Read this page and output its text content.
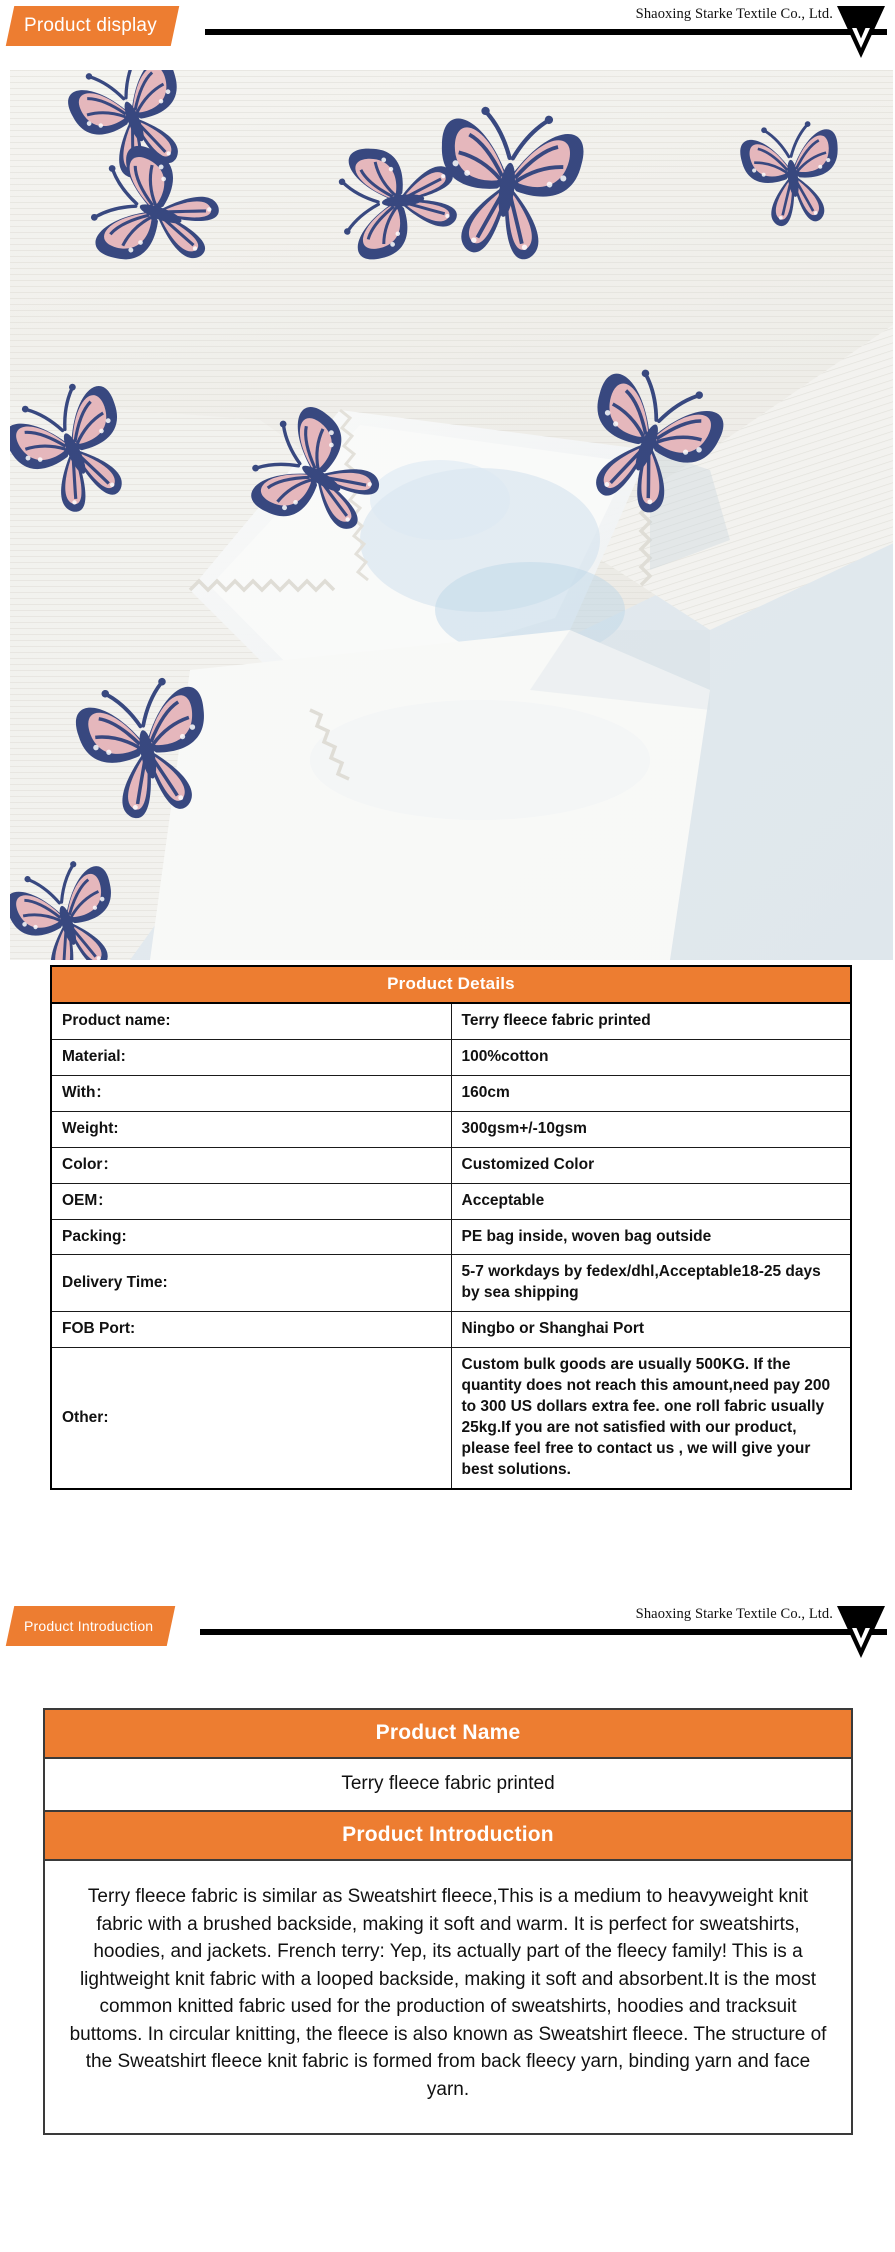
Product display
Shaoxing Starke Textile Co., Ltd.
Product Details	
Product name:	Terry fleece fabric printed
Material:	100%cotton
With：	160cm
Weight:	300gsm+/-10gsm
Color：	Customized Color
OEM：	Acceptable
Packing:	PE bag inside, woven bag outside
Delivery Time:	5-7 workdays by fedex/dhl,Acceptable18-25 days by sea shipping
FOB Port:	Ningbo or Shanghai Port
Other:	Custom bulk goods are usually 500KG. If the quantity does not reach this amount,need pay 200 to 300 US dollars extra fee. one roll fabric usually 25kg.If you are not satisfied with our product, please feel free to contact us , we will give your best solutions.
Product Introduction
Shaoxing Starke Textile Co., Ltd.
Product Name
Terry fleece fabric printed
Product Introduction
Terry fleece fabric is similar as Sweatshirt fleece,This is a medium to heavyweight knit fabric with a brushed backside, making it soft and warm. It is perfect for sweatshirts, hoodies, and jackets. French terry: Yep, its actually part of the fleecy family! This is a lightweight knit fabric with a looped backside, making it soft and absorbent.It is the most common knitted fabric used for the production of sweatshirts, hoodies and tracksuit buttoms. In circular knitting, the fleece is also known as Sweatshirt fleece. The structure of the Sweatshirt fleece knit fabric is formed from back fleecy yarn, binding yarn and face yarn.
